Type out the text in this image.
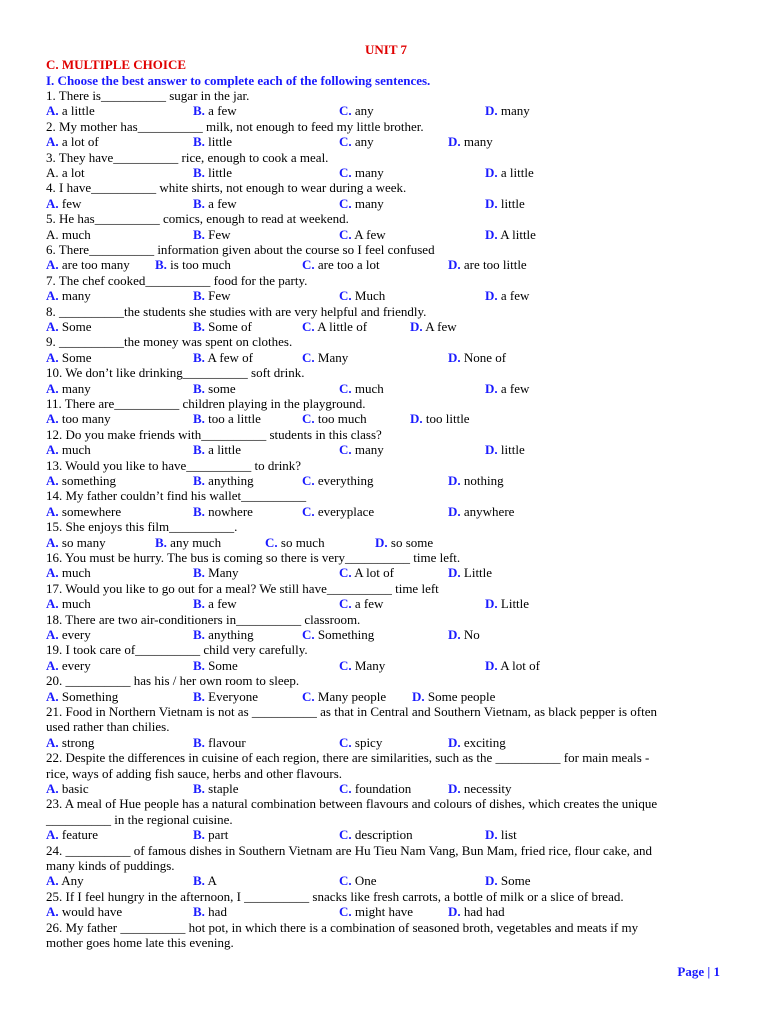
UNIT 7
C. MULTIPLE CHOICE
I. Choose the best answer to complete each of the following sentences.
1. There is__________ sugar in the jar.
A. a little	B. a few	C. any	D. many
2. My mother has__________ milk, not enough to feed my little brother.
A. a lot of	B. little	C. any	D. many
3. They have__________ rice, enough to cook a meal.
A. a lot	B. little	C. many	D. a little
4. I have__________ white shirts, not enough to wear during a week.
A. few	B. a few	C. many	D. little
5. He has__________ comics, enough to read at weekend.
A. much	B. Few	C. A few	D. A little
6. There__________ information given about the course so I feel confused
A. are too many B. is too much	C. are too a lot	D. are too little
7. The chef cooked__________ food for the party.
A. many	B. Few	C. Much	D. a few
8. __________the students she studies with are very helpful and friendly.
A. Some	B. Some of	C. A little of	D. A few
9. __________the money was spent on clothes.
A. Some	B. A few of	C. Many	D. None of
10. We don’t like drinking__________ soft drink.
A. many	B. some	C. much	D. a few
11. There are__________ children playing in the playground.
A. too many	B. too a little	C. too much	D. too little
12. Do you make friends with__________ students in this class?
A. much	B. a little	C. many	D. little
13. Would you like to have__________ to drink?
A. something	B. anything	C. everything	D. nothing
14. My father couldn’t find his wallet__________
A. somewhere	B. nowhere	C. everyplace	D. anywhere
15. She enjoys this film__________.
A. so many	B. any much	C. so much	D. so some
16. You must be hurry. The bus is coming so there is very__________ time left.
A. much	B. Many	C. A lot of	D. Little
17. Would you like to go out for a meal? We still have__________ time left
A. much	B. a few	C. a few	D. Little
18. There are two air-conditioners in__________ classroom.
A. every	B. anything	C. Something	D. No
19. I took care of__________ child very carefully.
A. every	B. Some	C. Many	D. A lot of
20. __________ has his / her own room to sleep.
A. Something	B. Everyone	C. Many people D. Some people
21. Food in Northern Vietnam is not as __________ as that in Central and Southern Vietnam, as black pepper is often
used rather than chilies.
A. strong	B. flavour	C. spicy	D. exciting
22. Despite the differences in cuisine of each region, there are similarities, such as the __________ for main meals -
rice, ways of adding fish sauce, herbs and other flavours.
A. basic	B. staple	C. foundation	D. necessity
23. A meal of Hue people has a natural combination between flavours and colours of dishes, which creates the unique
__________ in the regional cuisine.
A. feature	B. part	C. description	D. list
24. __________ of famous dishes in Southern Vietnam are Hu Tieu Nam Vang, Bun Mam, fried rice, flour cake, and
many kinds of puddings.
A. Any	B. A	C. One	D. Some
25. If I feel hungry in the afternoon, I __________ snacks like fresh carrots, a bottle of milk or a slice of bread.
A. would have	B. had	C. might have	D. had had
26. My father __________ hot pot, in which there is a combination of seasoned broth, vegetables and meats if my
mother goes home late this evening.
Page | 1
